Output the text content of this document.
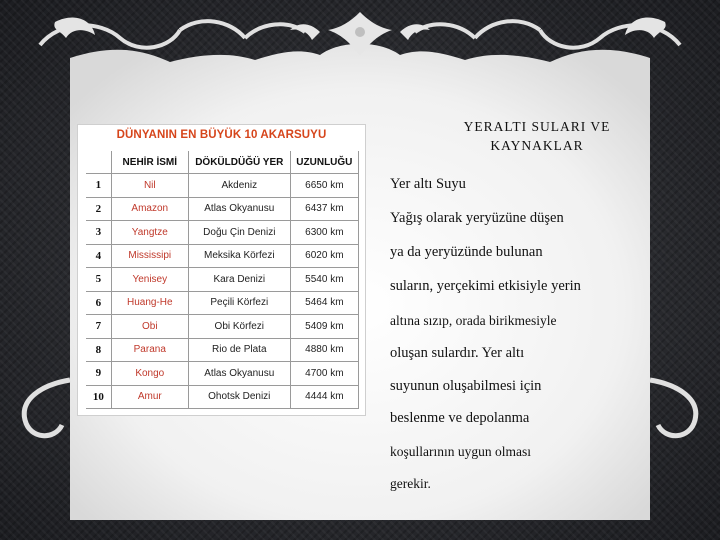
DÜNYANIN EN BÜYÜK 10 AKARSUYU
	NEHİR İSMİ	DÖKÜLDÜĞÜ YER	UZUNLUĞU
1	Nil	Akdeniz	6650 km
2	Amazon	Atlas Okyanusu	6437 km
3	Yangtze	Doğu Çin Denizi	6300 km
4	Mississipi	Meksika Körfezi	6020 km
5	Yenisey	Kara Denizi	5540 km
6	Huang-He	Peçili Körfezi	5464 km
7	Obi	Obi Körfezi	5409 km
8	Parana	Rio de Plata	4880 km
9	Kongo	Atlas Okyanusu	4700 km
10	Amur	Ohotsk Denizi	4444 km
YERALTI SULARI VE
KAYNAKLAR
Yer altı Suyu
Yağış olarak yeryüzüne düşen
ya da yeryüzünde bulunan
suların, yerçekimi etkisiyle yerin
altına sızıp, orada birikmesiyle
oluşan sulardır. Yer altı
suyunun oluşabilmesi için
beslenme ve depolanma
koşullarının uygun olması
gerekir.
